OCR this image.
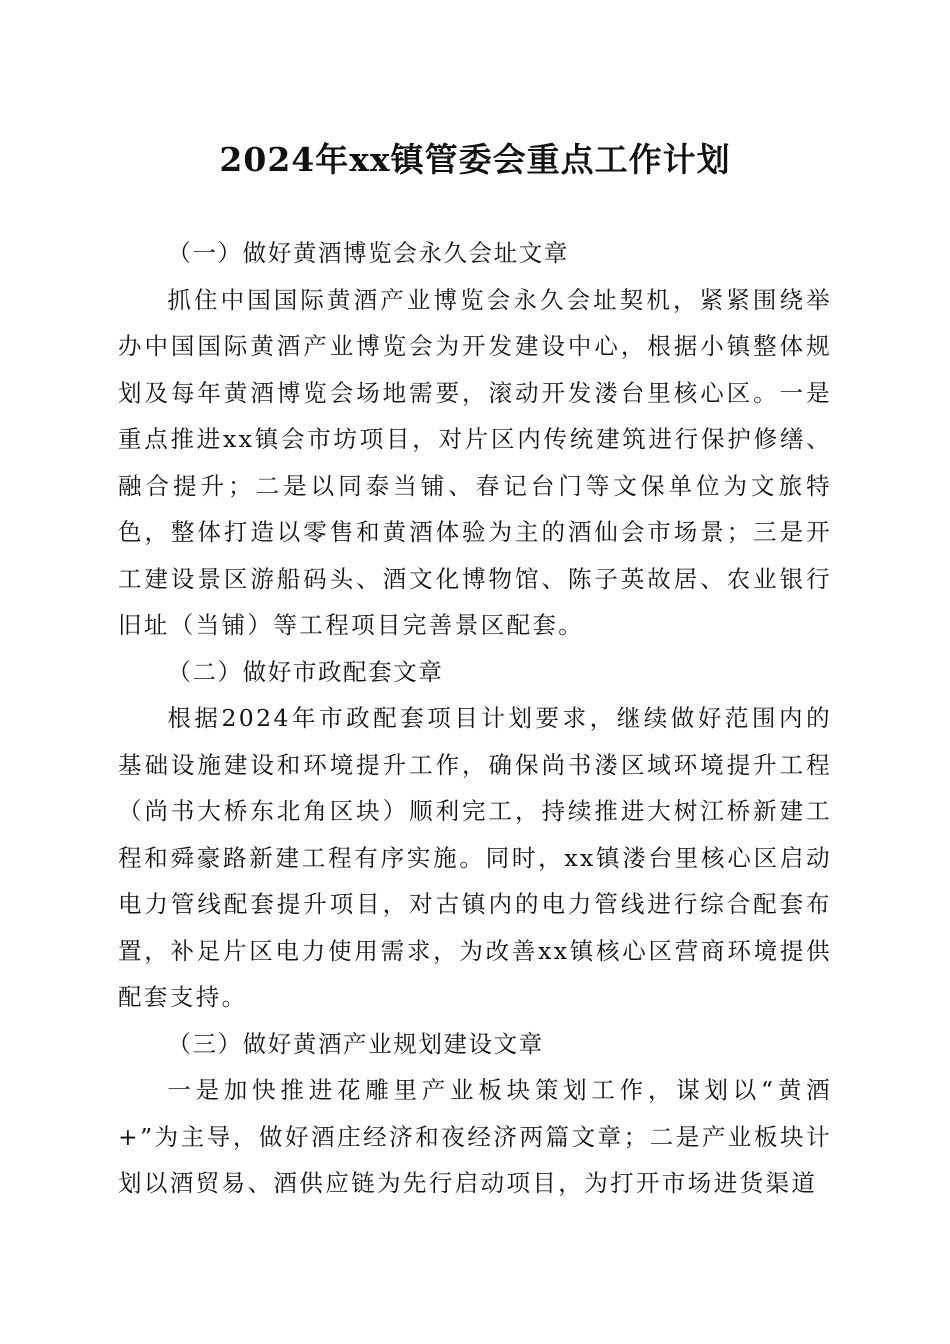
2024年xx镇管委会重点工作计划

（一）做好黄酒博览会永久会址文章

抓住中国国际黄酒产业博览会永久会址契机，紧紧围绕举办中国国际黄酒产业博览会为开发建设中心，根据小镇整体规划及每年黄酒博览会场地需要，滚动开发溇台里核心区。一是重点推进xx镇会市坊项目，对片区内传统建筑进行保护修缮、融合提升；二是以同泰当铺、春记台门等文保单位为文旅特色，整体打造以零售和黄酒体验为主的酒仙会市场景；三是开工建设景区游船码头、酒文化博物馆、陈子英故居、农业银行旧址（当铺）等工程项目完善景区配套。

（二）做好市政配套文章

根据2024年市政配套项目计划要求，继续做好范围内的基础设施建设和环境提升工作，确保尚书溇区域环境提升工程（尚书大桥东北角区块）顺利完工，持续推进大树江桥新建工程和舜豪路新建工程有序实施。同时，xx镇溇台里核心区启动电力管线配套提升项目，对古镇内的电力管线进行综合配套布置，补足片区电力使用需求，为改善xx镇核心区营商环境提供配套支持。

（三）做好黄酒产业规划建设文章

一是加快推进花雕里产业板块策划工作，谋划以“黄酒+”为主导，做好酒庄经济和夜经济两篇文章；二是产业板块计划以酒贸易、酒供应链为先行启动项目，为打开市场进货渠道
